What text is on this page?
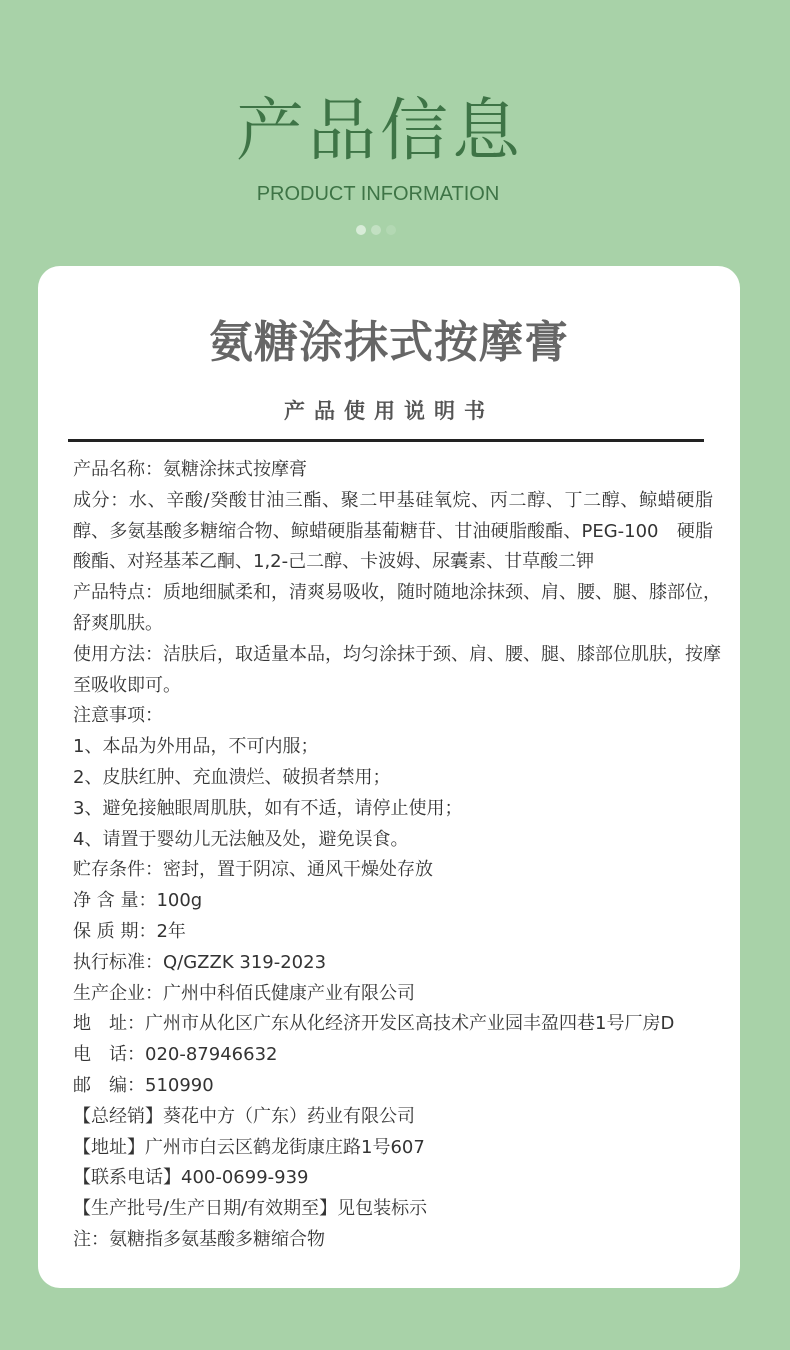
产品信息
PRODUCT INFORMATION
氨糖涂抹式按摩膏
产品使用说明书
产品名称：氨糖涂抹式按摩膏
成分：水、辛酸/癸酸甘油三酯、聚二甲基硅氧烷、丙二醇、丁二醇、鲸蜡硬脂
醇、多氨基酸多糖缩合物、鲸蜡硬脂基葡糖苷、甘油硬脂酸酯、PEG-100　硬脂
酸酯、对羟基苯乙酮、1,2-己二醇、卡波姆、尿囊素、甘草酸二钾
产品特点：质地细腻柔和，清爽易吸收，随时随地涂抹颈、肩、腰、腿、膝部位，
舒爽肌肤。
使用方法：洁肤后，取适量本品，均匀涂抹于颈、肩、腰、腿、膝部位肌肤，按摩
至吸收即可。
注意事项：
1、本品为外用品，不可内服；
2、皮肤红肿、充血溃烂、破损者禁用；
3、避免接触眼周肌肤，如有不适，请停止使用；
4、请置于婴幼儿无法触及处，避免误食。
贮存条件：密封，置于阴凉、通风干燥处存放
净 含 量：100g
保 质 期：2年
执行标准：Q/GZZK 319-2023
生产企业：广州中科佰氏健康产业有限公司
地　址：广州市从化区广东从化经济开发区高技术产业园丰盈四巷1号厂房D
电　话：020-87946632
邮　编：510990
【总经销】葵花中方（广东）药业有限公司
【地址】广州市白云区鹤龙街康庄路1号607
【联系电话】400-0699-939
【生产批号/生产日期/有效期至】见包装标示
注：氨糖指多氨基酸多糖缩合物
